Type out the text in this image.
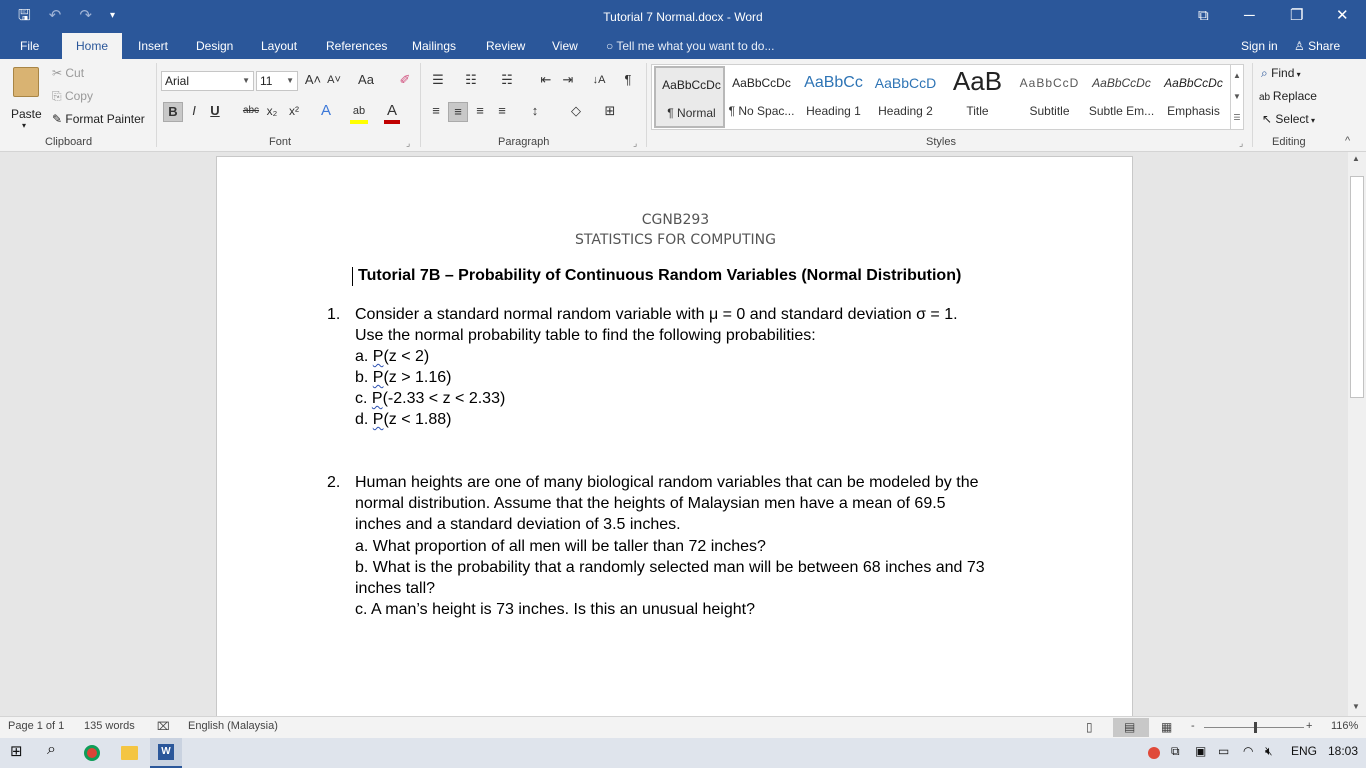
🖫 ↶ ↷ ▾	Tutorial 7 Normal.docx - Word	⧉ ─ ❐ ✕
File	Home	Insert Design Layout References Mailings Review View ○ Tell me what you want to do...	Sign in ♙ Share
Paste
▾
✂ Cut
⎘ Copy
✎ Format Painter
Clipboard
Arial	▼ 11 ▼ A˄ A˅	Aa	✐
B	I	U	abc x₂ x² A ab A
Font	⌟
☰	☷	☵	⇤ ⇥	↓A	¶
≡	≡	≡	≡	↕	◇	⊞
Paragraph	⌟
AaBbCcDc
¶ Normal
AaBbCcDc
¶ No Spac...
AaBbCc
Heading 1
AaBbCcD
Heading 2
AaB
Title
AaBbCcD
Subtitle
AaBbCcDc
Subtle Em...
AaBbCcDc
Emphasis
▲
▼
☰
Styles	⌟
⌕ Find ▾
ab Replace
↖ Select ▾
Editing	^
CGNB293
STATISTICS FOR COMPUTING
Tutorial 7B – Probability of Continuous Random Variables (Normal Distribution)
1. Consider a standard normal random variable with μ = 0 and standard deviation σ = 1.
Use the normal probability table to find the following probabilities:
a. P(z < 2)
b. P(z > 1.16)
c. P(-2.33 < z < 2.33)
d. P(z < 1.88)
2. Human heights are one of many biological random variables that can be modeled by the
normal distribution. Assume that the heights of Malaysian men have a mean of 69.5
inches and a standard deviation of 3.5 inches.
a. What proportion of all men will be taller than 72 inches?
b. What is the probability that a randomly selected man will be between 68 inches and 73
inches tall?
c. A man’s height is 73 inches. Is this an unusual height?
▲
▼
Page 1 of 1 135 words ⌧ English (Malaysia)	▯	▤ ▦ -	+ 116%
⊞ ⌕	W	⧉ ▣ ▭ ◠ 🔇︎ ENG 18:03
